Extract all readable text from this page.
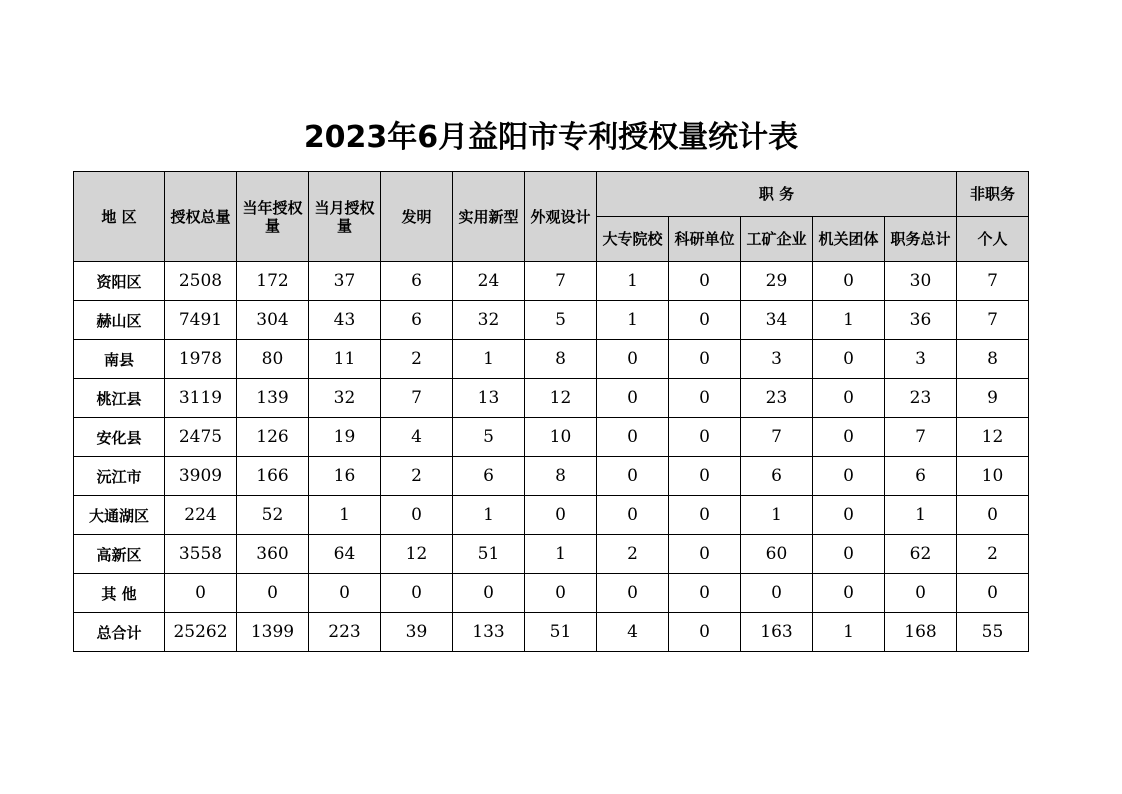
2023年6月益阳市专利授权量统计表
地 区	授权总量	当年授权量	当月授权量	发明	实用新型	外观设计	职 务					非职务
							大专院校	科研单位	工矿企业	机关团体	职务总计	个人
资阳区	2508	172	37	6	24	7	1	0	29	0	30	7
赫山区	7491	304	43	6	32	5	1	0	34	1	36	7
南县	1978	80	11	2	1	8	0	0	3	0	3	8
桃江县	3119	139	32	7	13	12	0	0	23	0	23	9
安化县	2475	126	19	4	5	10	0	0	7	0	7	12
沅江市	3909	166	16	2	6	8	0	0	6	0	6	10
大通湖区	224	52	1	0	1	0	0	0	1	0	1	0
高新区	3558	360	64	12	51	1	2	0	60	0	62	2
其 他	0	0	0	0	0	0	0	0	0	0	0	0
总合计	25262	1399	223	39	133	51	4	0	163	1	168	55
